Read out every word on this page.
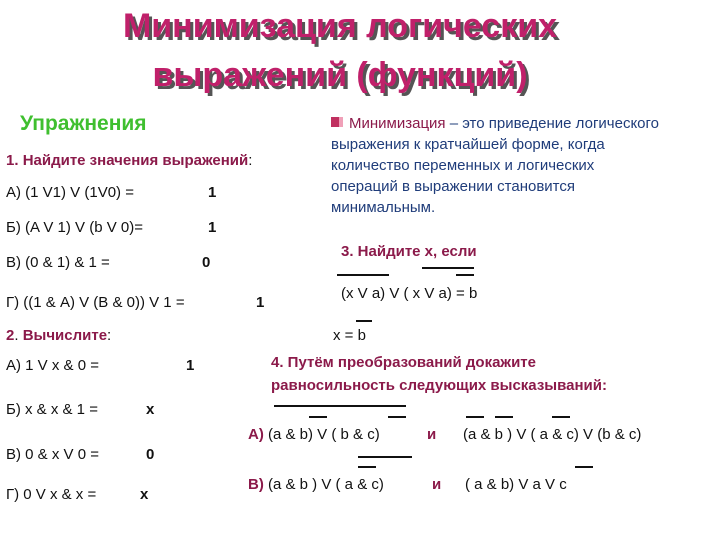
Минимизация логических
выражений (функций)
Упражнения
1. Найдите значения выражений:
А) (1 V1) V (1V0) =	1
Б) (A V 1) V (b V 0)=	1
В) (0 & 1) & 1 =	0
Г) ((1 & A) V (B & 0)) V 1 =	1
2. Вычислите:
А) 1 V x & 0 =	1
Б) x & x & 1 =	x
В) 0 & x V 0 =	0
Г) 0 V x & x =	x
Минимизация – это приведение логического выражения к кратчайшей форме, когда количество переменных и логических операций в выражении становится минимальным.
3. Найдите x, если
(x V a) V ( x V a) = b
x = b
4. Путём преобразований докажите
равносильность следующих высказываний:
А) (a & b) V ( b & c)	и (a & b ) V ( a & c) V (b & c)
В) (a & b ) V ( a & c)	и ( a & b) V a V c
